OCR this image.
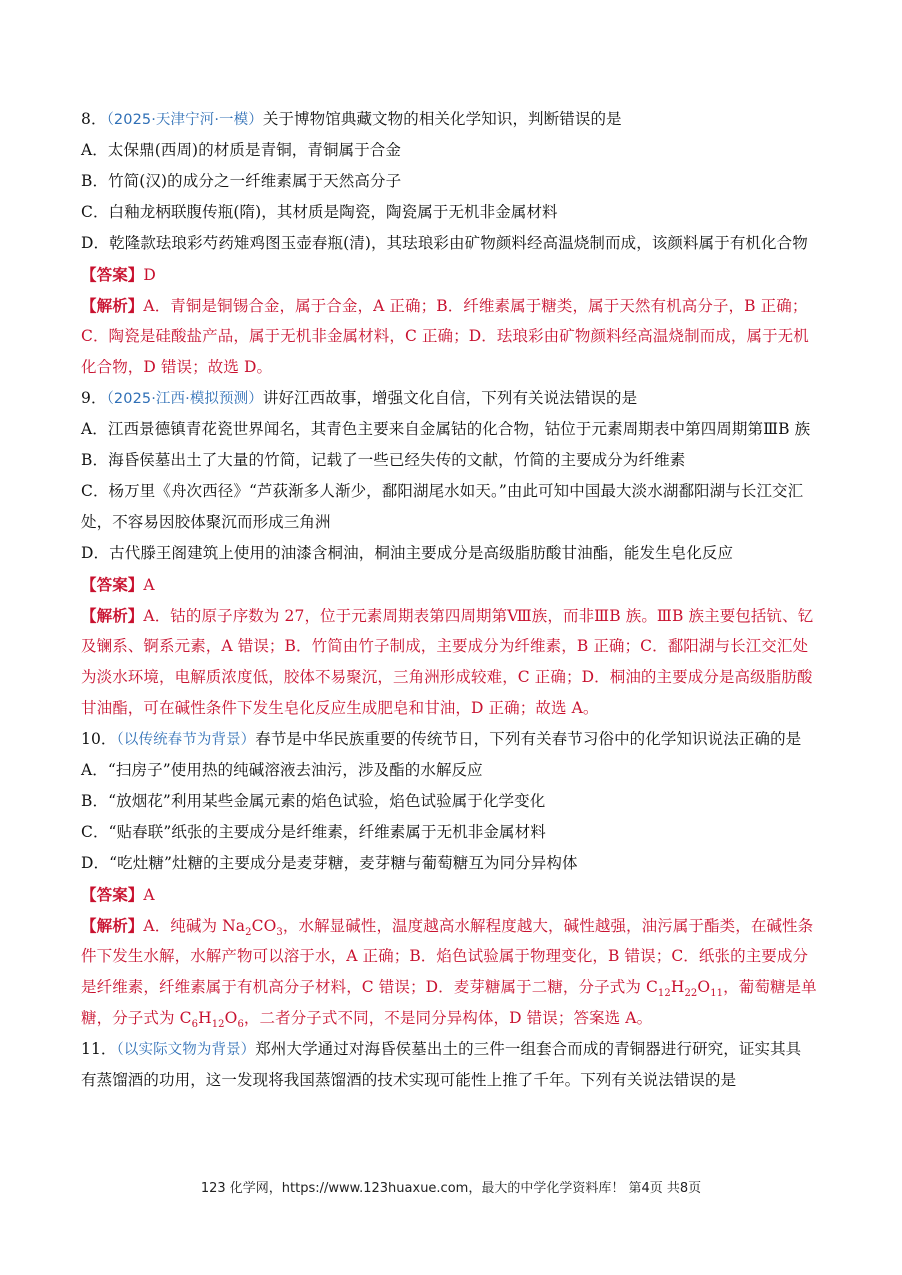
8．（2025·天津宁河·一模）关于博物馆典藏文物的相关化学知识，判断错误的是
A．太保鼎(西周)的材质是青铜，青铜属于合金
B．竹简(汉)的成分之一纤维素属于天然高分子
C．白釉龙柄联腹传瓶(隋)，其材质是陶瓷，陶瓷属于无机非金属材料
D．乾隆款珐琅彩芍药雉鸡图玉壶春瓶(清)，其珐琅彩由矿物颜料经高温烧制而成，该颜料属于有机化合物
【答案】D
【解析】A．青铜是铜锡合金，属于合金，A 正确；B．纤维素属于糖类，属于天然有机高分子，B 正确；
C．陶瓷是硅酸盐产品，属于无机非金属材料，C 正确；D．珐琅彩由矿物颜料经高温烧制而成，属于无机
化合物，D 错误；故选 D。
9．（2025·江西·模拟预测）讲好江西故事，增强文化自信，下列有关说法错误的是
A．江西景德镇青花瓷世界闻名，其青色主要来自金属钴的化合物，钴位于元素周期表中第四周期第ⅢB 族
B．海昏侯墓出土了大量的竹简，记载了一些已经失传的文献，竹简的主要成分为纤维素
C．杨万里《舟次西径》“芦荻渐多人渐少，鄱阳湖尾水如天。”由此可知中国最大淡水湖鄱阳湖与长江交汇
处，不容易因胶体聚沉而形成三角洲
D．古代滕王阁建筑上使用的油漆含桐油，桐油主要成分是高级脂肪酸甘油酯，能发生皂化反应
【答案】A
【解析】A．钴的原子序数为 27，位于元素周期表第四周期第Ⅷ族，而非ⅢB 族。ⅢB 族主要包括钪、钇
及镧系、锕系元素，A 错误；B．竹简由竹子制成，主要成分为纤维素，B 正确；C．鄱阳湖与长江交汇处
为淡水环境，电解质浓度低，胶体不易聚沉，三角洲形成较难，C 正确；D．桐油的主要成分是高级脂肪酸
甘油酯，可在碱性条件下发生皂化反应生成肥皂和甘油，D 正确；故选 A。
10．（以传统春节为背景）春节是中华民族重要的传统节日，下列有关春节习俗中的化学知识说法正确的是
A．“扫房子”使用热的纯碱溶液去油污，涉及酯的水解反应
B．“放烟花”利用某些金属元素的焰色试验，焰色试验属于化学变化
C．“贴春联”纸张的主要成分是纤维素，纤维素属于无机非金属材料
D．“吃灶糖”灶糖的主要成分是麦芽糖，麦芽糖与葡萄糖互为同分异构体
【答案】A
【解析】A．纯碱为 $Na_2CO_3$，水解显碱性，温度越高水解程度越大，碱性越强，油污属于酯类，在碱性条
件下发生水解，水解产物可以溶于水，A 正确；B．焰色试验属于物理变化，B 错误；C．纸张的主要成分
是纤维素，纤维素属于有机高分子材料，C 错误；D．麦芽糖属于二糖，分子式为 $C_{12}H_{22}O_{11}$，葡萄糖是单
糖，分子式为 $C_6H_{12}O_6$，二者分子式不同，不是同分异构体，D 错误；答案选 A。
11．（以实际文物为背景）郑州大学通过对海昏侯墓出土的三件一组套合而成的青铜器进行研究，证实其具
有蒸馏酒的功用，这一发现将我国蒸馏酒的技术实现可能性上推了千年。下列有关说法错误的是
123 化学网，https://www.123huaxue.com，最大的中学化学资料库！ 第4页 共8页
